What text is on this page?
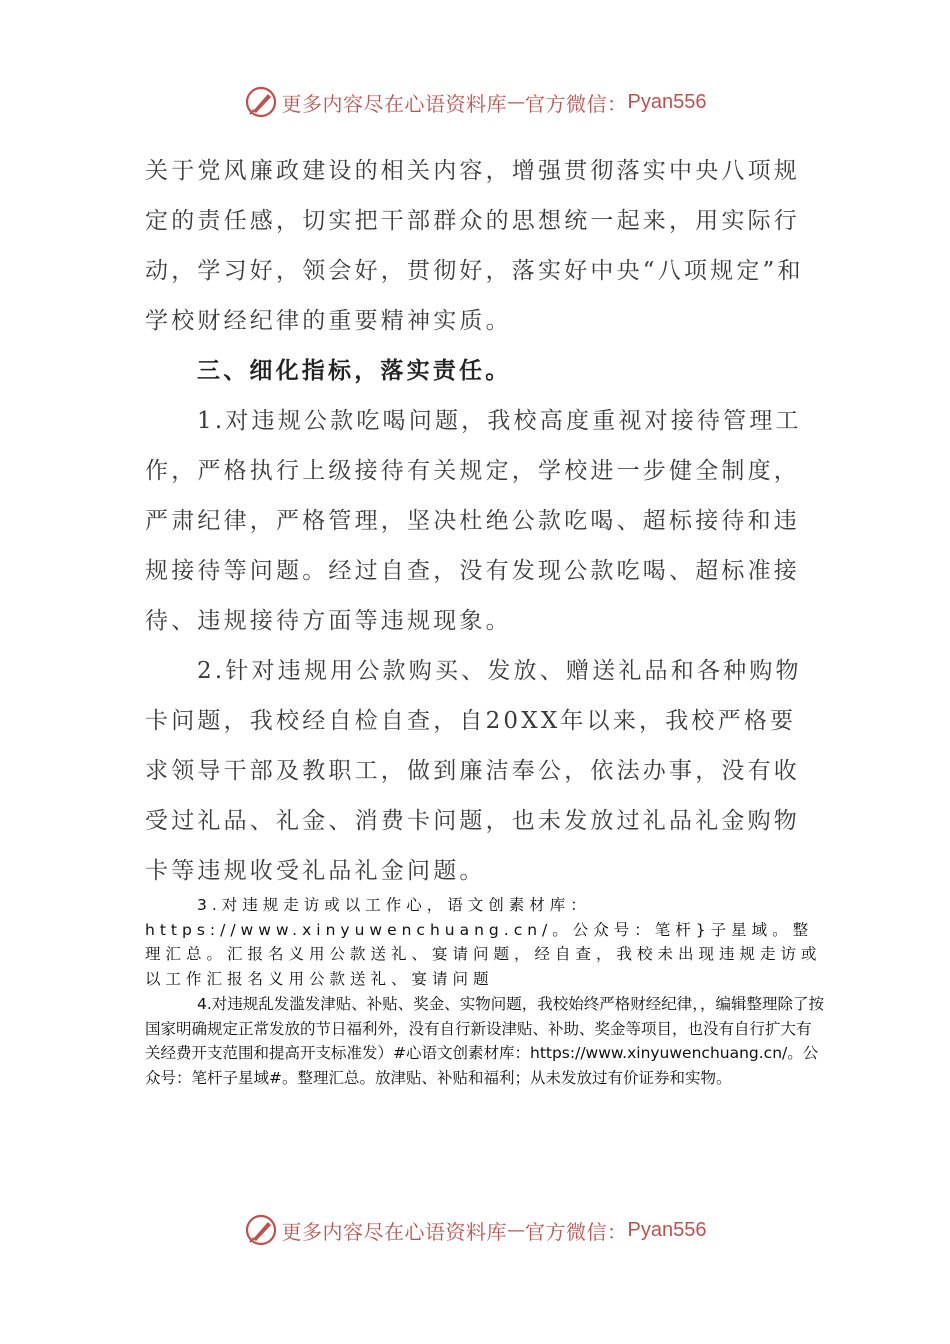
更多内容尽在心语资料库 — 官方微信： Pyan556

关于党风廉政建设的相关内容，增强贯彻落实中央八项规定的责任感，切实把干部群众的思想统一起来，用实际行动，学习好，领会好，贯彻好，落实好中央“八项规定”和学校财经纪律的重要精神实质。

三、细化指标，落实责任。

1.对违规公款吃喝问题，我校高度重视对接待管理工作，严格执行上级接待有关规定，学校进一步健全制度，严肃纪律，严格管理，坚决杜绝公款吃喝、超标接待和违规接待等问题。经过自查，没有发现公款吃喝、超标准接待、违规接待方面等违规现象。

2.针对违规用公款购买、发放、赠送礼品和各种购物卡问题，我校经自检自查，自20XX年以来，我校严格要求领导干部及教职工，做到廉洁奉公，依法办事，没有收受过礼品、礼金、消费卡问题，也未发放过礼品礼金购物卡等违规收受礼品礼金问题。

3.对违规走访或以工作心，语文创素材库：https://www.xinyuwenchuang.cn/。公众号：笔杆}子星域。整理汇总。汇报名义用公款送礼、宴请问题，经自查，我校未出现违规走访或以工作汇报名义用公款送礼、宴请问题

4.对违规乱发滥发津贴、补贴、奖金、实物问题，我校始终严格财经纪律，，编辑整理除了按国家明确规定正常发放的节日福利外，没有自行新设津贴、补助、奖金等项目，也没有自行扩大有关经费开支范围和提高开支标准发）#心语文创素材库：https://www.xinyuwenchuang.cn/。公众号：笔杆子星域#。整理汇总。放津贴、补贴和福利；从未发放过有价证券和实物。

更多内容尽在心语资料库 — 官方微信： Pyan556
